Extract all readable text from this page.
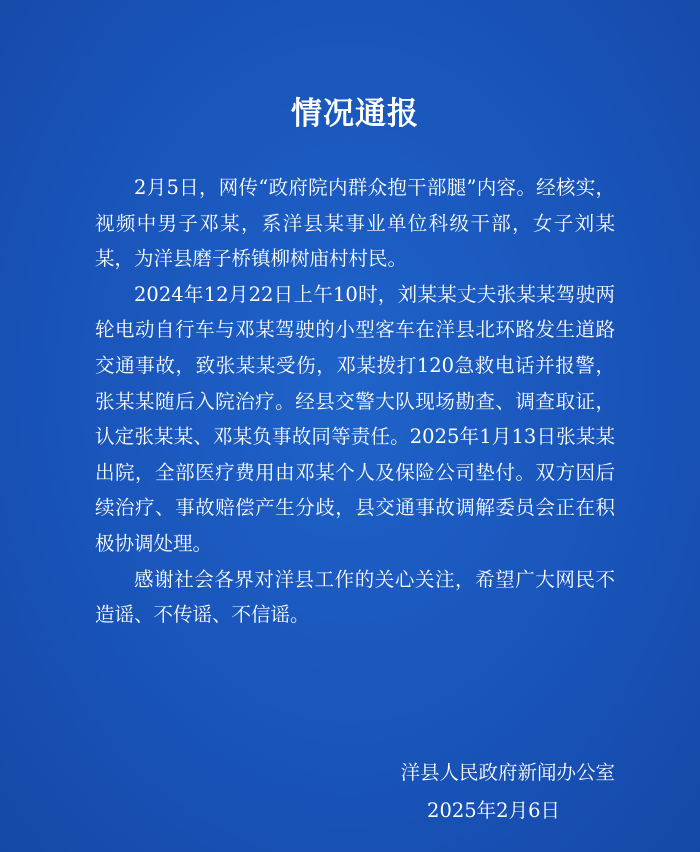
情况通报

2月5日，网传“政府院内群众抱干部腿”内容。经核实，视频中男子邓某，系洋县某事业单位科级干部，女子刘某某，为洋县磨子桥镇柳树庙村村民。

2024年12月22日上午10时，刘某某丈夫张某某驾驶两轮电动自行车与邓某驾驶的小型客车在洋县北环路发生道路交通事故，致张某某受伤，邓某拨打120急救电话并报警，张某某随后入院治疗。经县交警大队现场勘查、调查取证，认定张某某、邓某负事故同等责任。2025年1月13日张某某出院，全部医疗费用由邓某个人及保险公司垫付。双方因后续治疗、事故赔偿产生分歧，县交通事故调解委员会正在积极协调处理。

感谢社会各界对洋县工作的关心关注，希望广大网民不造谣、不传谣、不信谣。

洋县人民政府新闻办公室
2025年2月6日
